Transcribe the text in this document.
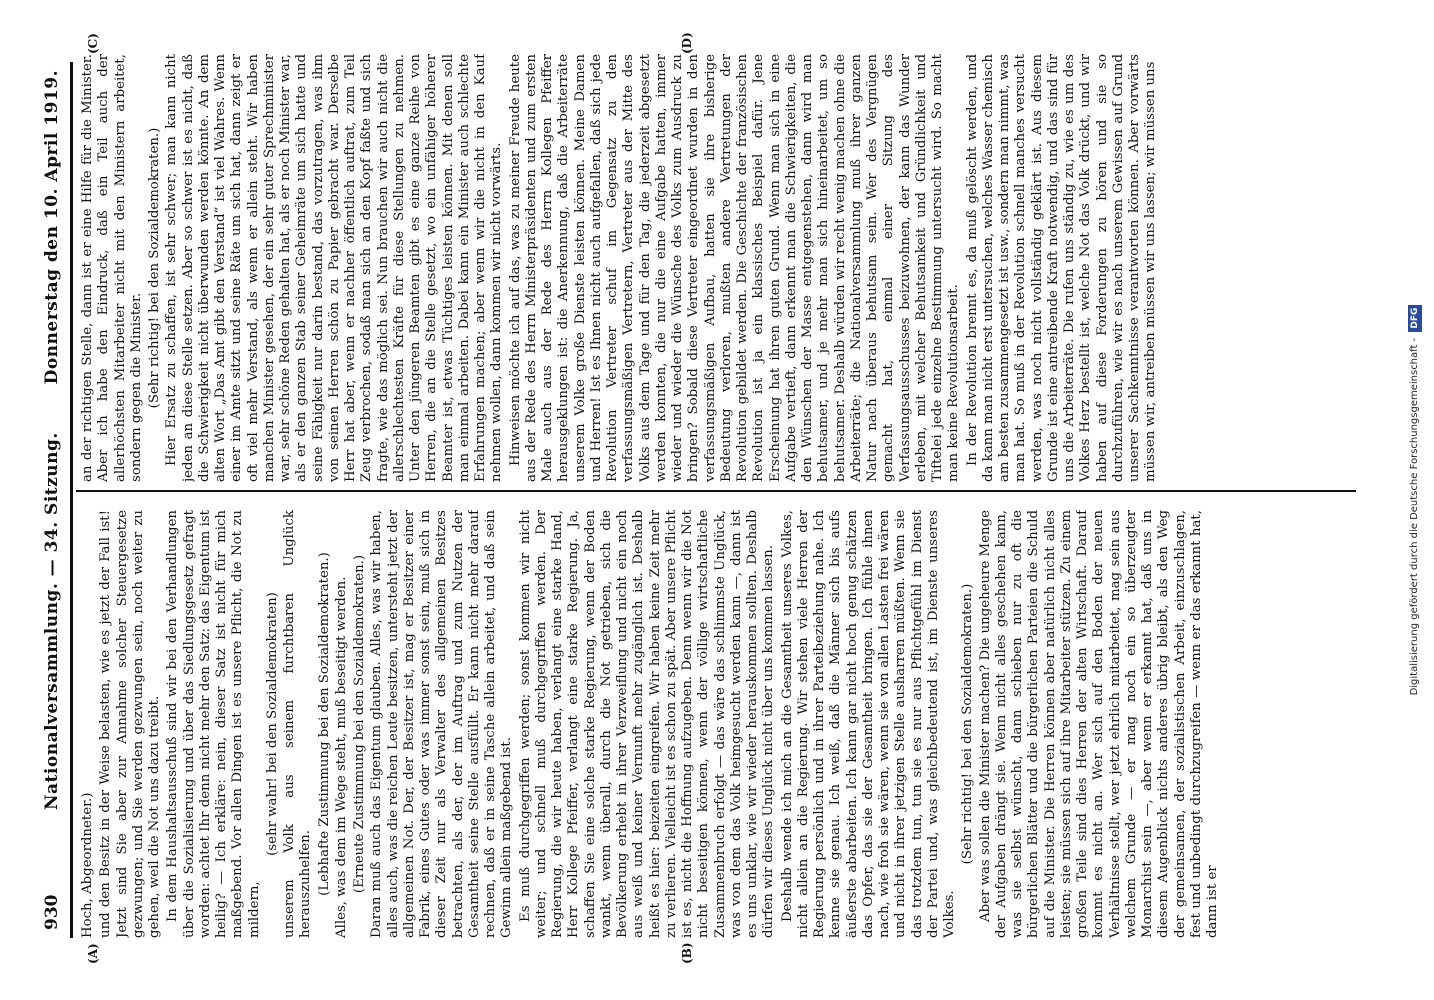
930
Nationalversammlung. — 34. Sitzung.
Donnerstag den 10. April 1919.
(A)	(B)
(C)	(D)

Hoch, Abgeordneter.) und den Besitz in der Weise belasten, wie es jetzt der Fall ist! Jetzt sind Sie aber zur Annahme solcher Steuergesetze gezwungen; und Sie werden gezwungen sein, noch weiter zu gehen, weil die Not uns dazu treibt. In dem Haushaltsausschuß sind wir bei den Verhandlungen über die Sozialisierung und über das Siedlungsgesetz gefragt worden: achtet Ihr denn nicht mehr den Satz: das Eigentum ist heilig? — Ich erkläre: nein, dieser Satz ist nicht für mich maßgebend. Vor allen Dingen ist es unsere Pflicht, die Not zu mildern,

(sehr wahr! bei den Sozialdemokraten) unserem Volk aus seinem furchtbaren Unglück herauszuhelfen. (Lebhafte Zustimmung bei den Sozialdemokraten.) Alles, was dem im Wege steht, muß beseitigt werden. (Erneute Zustimmung bei den Sozialdemokraten.) Daran muß auch das Eigentum glauben. Alles, was wir haben, alles auch, was die reichen Leute besitzen, untersteht jetzt der allgemeinen Not. Der, der Besitzer ist, mag er Besitzer einer Fabrik, eines Gutes oder was immer sonst sein, muß sich in dieser Zeit nur als Verwalter des allgemeinen Besitzes betrachten, als der, der im Auftrag und zum Nutzen der Gesamtheit seine Stelle ausfüllt. Er kann nicht mehr darauf rechnen, daß er in seine Tasche allein arbeitet, und daß sein Gewinn allein maßgebend ist. Es muß durchgegriffen werden; sonst kommen wir nicht weiter; und schnell muß durchgegriffen werden. Der Regierung, die wir heute haben, verlangt eine starke Hand, Herr Kollege Pfeiffer, verlangt eine starke Regierung. Ja, schaffen Sie eine solche starke Regierung, wenn der Boden wankt, wenn überall, durch die Not getrieben, sich die Bevölkerung erhebt in ihrer Verzweiflung und nicht ein noch aus weiß und keiner Vernunft mehr zugänglich ist. Deshalb heißt es hier: beizeiten eingreifen. Wir haben keine Zeit mehr zu verlieren. Vielleicht ist es schon zu spät. Aber unsere Pflicht ist es, nicht die Hoffnung aufzugeben. Denn wenn wir die Not nicht beseitigen können, wenn der völlige wirtschaftliche Zusammenbruch erfolgt — das wäre das schlimmste Unglück, was von dem das Volk heimgesucht werden kann —, dann ist es uns unklar, wie wir wieder herauskommen sollten. Deshalb dürfen wir dieses Unglück nicht über uns kommen lassen. Deshalb wende ich mich an die Gesamtheit unseres Volkes, nicht allein an die Regierung. Wir stehen viele Herren der Regierung persönlich und in ihrer Parteibeziehung nahe. Ich kenne sie genau. Ich weiß, daß die Männer sich bis aufs äußerste abarbeiten. Ich kann gar nicht hoch genug schätzen das Opfer, das sie der Gesamtheit bringen. Ich fühle ihnen nach, wie froh sie wären, wenn sie von allen Lasten frei wären und nicht in ihrer jetzigen Stelle ausharren müßten. Wenn sie das trotzdem tun, tun sie es nur aus Pflichtgefühl im Dienst der Partei und, was gleichbedeutend ist, im Dienste unseres Volkes.

(Sehr richtig! bei den Sozialdemokraten.) Aber was sollen die Minister machen? Die ungeheure Menge der Aufgaben drängt sie. Wenn nicht alles geschehen kann, was sie selbst wünscht, dann schieben nur zu oft die bürgerlichen Blätter und die bürgerlichen Parteien die Schuld auf die Minister. Die Herren können aber natürlich nicht alles leisten; sie müssen sich auf ihre Mitarbeiter stützen. Zu einem großen Teile sind dies Herren der alten Wirtschaft. Darauf kommt es nicht an. Wer sich auf den Boden der neuen Verhältnisse stellt, wer jetzt ehrlich mitarbeitet, mag sein aus welchem Grunde — er mag noch ein so überzeugter Monarchist sein —, aber wenn er erkannt hat, daß uns in diesem Augenblick nichts anderes übrig bleibt, als den Weg der gemeinsamen, der sozialistischen Arbeit, einzuschlagen, fest und unbedingt durchzugreifen — wenn er das erkannt hat, dann ist er

an der richtigen Stelle, dann ist er eine Hilfe für die Minister. Aber ich habe den Eindruck, daß ein Teil auch der allerhöchsten Mitarbeiter nicht mit den Ministern arbeitet, sondern gegen die Minister. (Sehr richtig! bei den Sozialdemokraten.) Hier Ersatz zu schaffen, ist sehr schwer; man kann nicht jeden an diese Stelle setzen. Aber so schwer ist es nicht, daß die Schwierigkeit nicht überwunden werden könnte. An dem alten Wort „Das Amt gibt den Verstand“ ist viel Wahres. Wenn einer im Amte sitzt und seine Räte um sich hat, dann zeigt er oft viel mehr Verstand, als wenn er allein steht. Wir haben manchen Minister gesehen, der ein sehr guter Sprechminister war, sehr schöne Reden gehalten hat, als er noch Minister war, als er den ganzen Stab seiner Geheimräte um sich hatte und seine Fähigkeit nur darin bestand, das vorzutragen, was ihm von seinen Herren schön zu Papier gebracht war. Derselbe Herr hat aber, wenn er nachher öffentlich auftrat, zum Teil Zeug verbrochen, sodaß man sich an den Kopf faßte und sich fragte, wie das möglich sei. Nun brauchen wir auch nicht die allerschlechtesten Kräfte für diese Stellungen zu nehmen. Unter den jüngeren Beamten gibt es eine ganze Reihe von Herren, die an die Stelle gesetzt, wo ein unfähiger höherer Beamter ist, etwas Tüchtiges leisten können. Mit denen soll man einmal arbeiten. Dabei kann ein Minister auch schlechte Erfahrungen machen; aber wenn wir die nicht in den Kauf nehmen wollen, dann kommen wir nicht vorwärts. Hinweisen möchte ich auf das, was zu meiner Freude heute aus der Rede des Herrn Ministerpräsidenten und zum ersten Male auch aus der Rede des Herrn Kollegen Pfeiffer herausgeklungen ist: die Anerkennung, daß die Arbeiterräte unserem Volke große Dienste leisten können. Meine Damen und Herren! Ist es Ihnen nicht auch aufgefallen, daß sich jede Revolution Vertreter schuf im Gegensatz zu den verfassungsmäßigen Vertretern, Vertreter aus der Mitte des Volks aus dem Tage und für den Tag, die jederzeit abgesetzt werden konnten, die nur die eine Aufgabe hatten, immer wieder und wieder die Wünsche des Volks zum Ausdruck zu bringen? Sobald diese Vertreter eingeordnet wurden in den verfassungsmäßigen Aufbau, hatten sie ihre bisherige Bedeutung verloren, mußten andere Vertretungen der Revolution gebildet werden. Die Geschichte der französischen Revolution ist ja ein klassisches Beispiel dafür. Jene Erscheinung hat ihren guten Grund. Wenn man sich in eine Aufgabe vertieft, dann erkennt man die Schwierigkeiten, die den Wünschen der Masse entgegenstehen, dann wird man behutsamer, und je mehr man sich hineinarbeitet, um so behutsamer. Deshalb würden wir recht wenig machen ohne die Arbeiterräte; die Nationalversammlung muß ihrer ganzen Natur nach überaus behutsam sein. Wer des Vergnügen gemacht hat, einmal einer Sitzung des Verfassungsausschusses beizuwohnen, der kann das Wunder erleben, mit welcher Behutsamkeit und Gründlichkeit und Tiftelei jede einzelne Bestimmung untersucht wird. So macht man keine Revolutionsarbeit. In der Revolution brennt es, da muß gelöscht werden, und da kann man nicht erst untersuchen, welches Wasser chemisch am besten zusammengesetzt ist usw., sondern man nimmt, was man hat. So muß in der Revolution schnell manches versucht werden, was noch nicht vollständig geklärt ist. Aus diesem Grunde ist eine antreibende Kraft notwendig, und das sind für uns die Arbeiterräte. Die rufen uns ständig zu, wie es um des Volkes Herz bestellt ist, welche Not das Volk drückt, und wir haben auf diese Forderungen zu hören und sie so durchzuführen, wie wir es nach unserem Gewissen auf Grund unserer Sachkenntnisse verantworten können. Aber vorwärts müssen wir, antreiben müssen wir uns lassen; wir müssen uns

Digitalisierung gefördert durch die Deutsche Forschungsgemeinschaft - DFG
